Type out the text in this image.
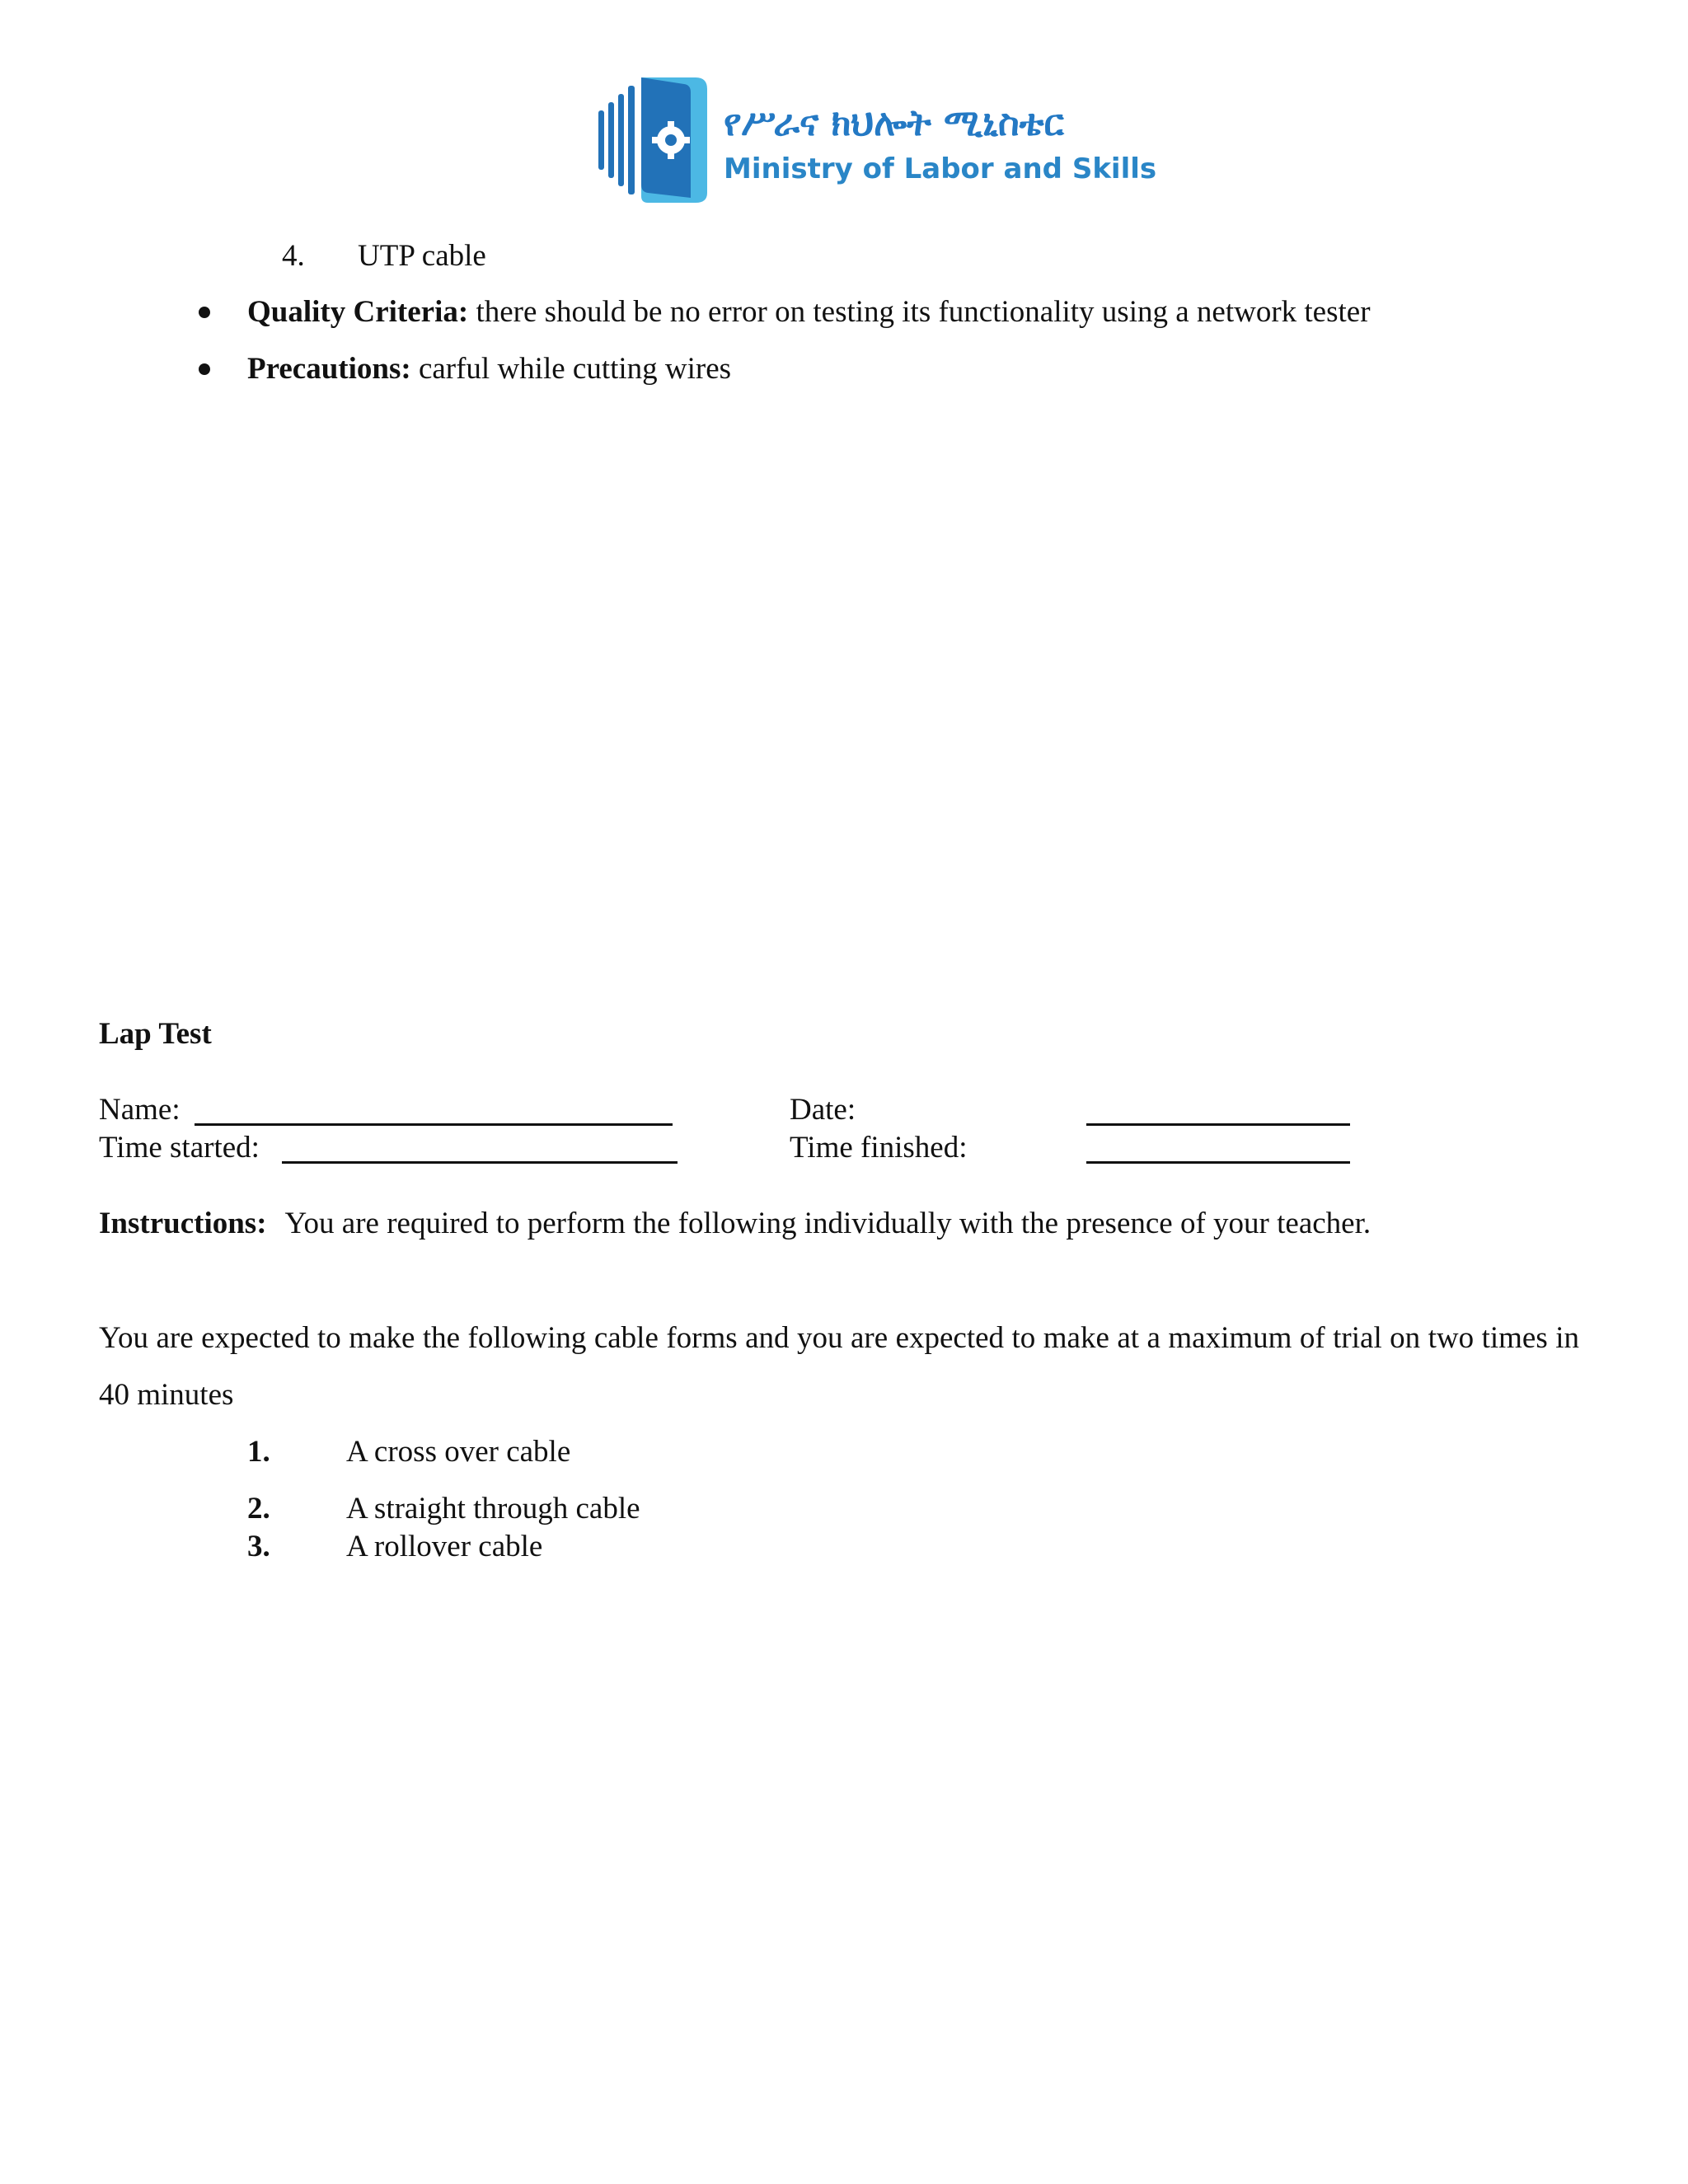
የሥራና ክህሎት ሚኒስቴር
Ministry of Labor and Skills
4. UTP cable
Quality Criteria: there should be no error on testing its functionality using a network tester
Precautions: carful while cutting wires
Lap Test
Name:	Date:
Time started:	Time finished:
Instructions: You are required to perform the following individually with the presence of your teacher.
You are expected to make the following cable forms and you are expected to make at a maximum of trial on two times in 40 minutes
1. A cross over cable
2. A straight through cable
3. A rollover cable
